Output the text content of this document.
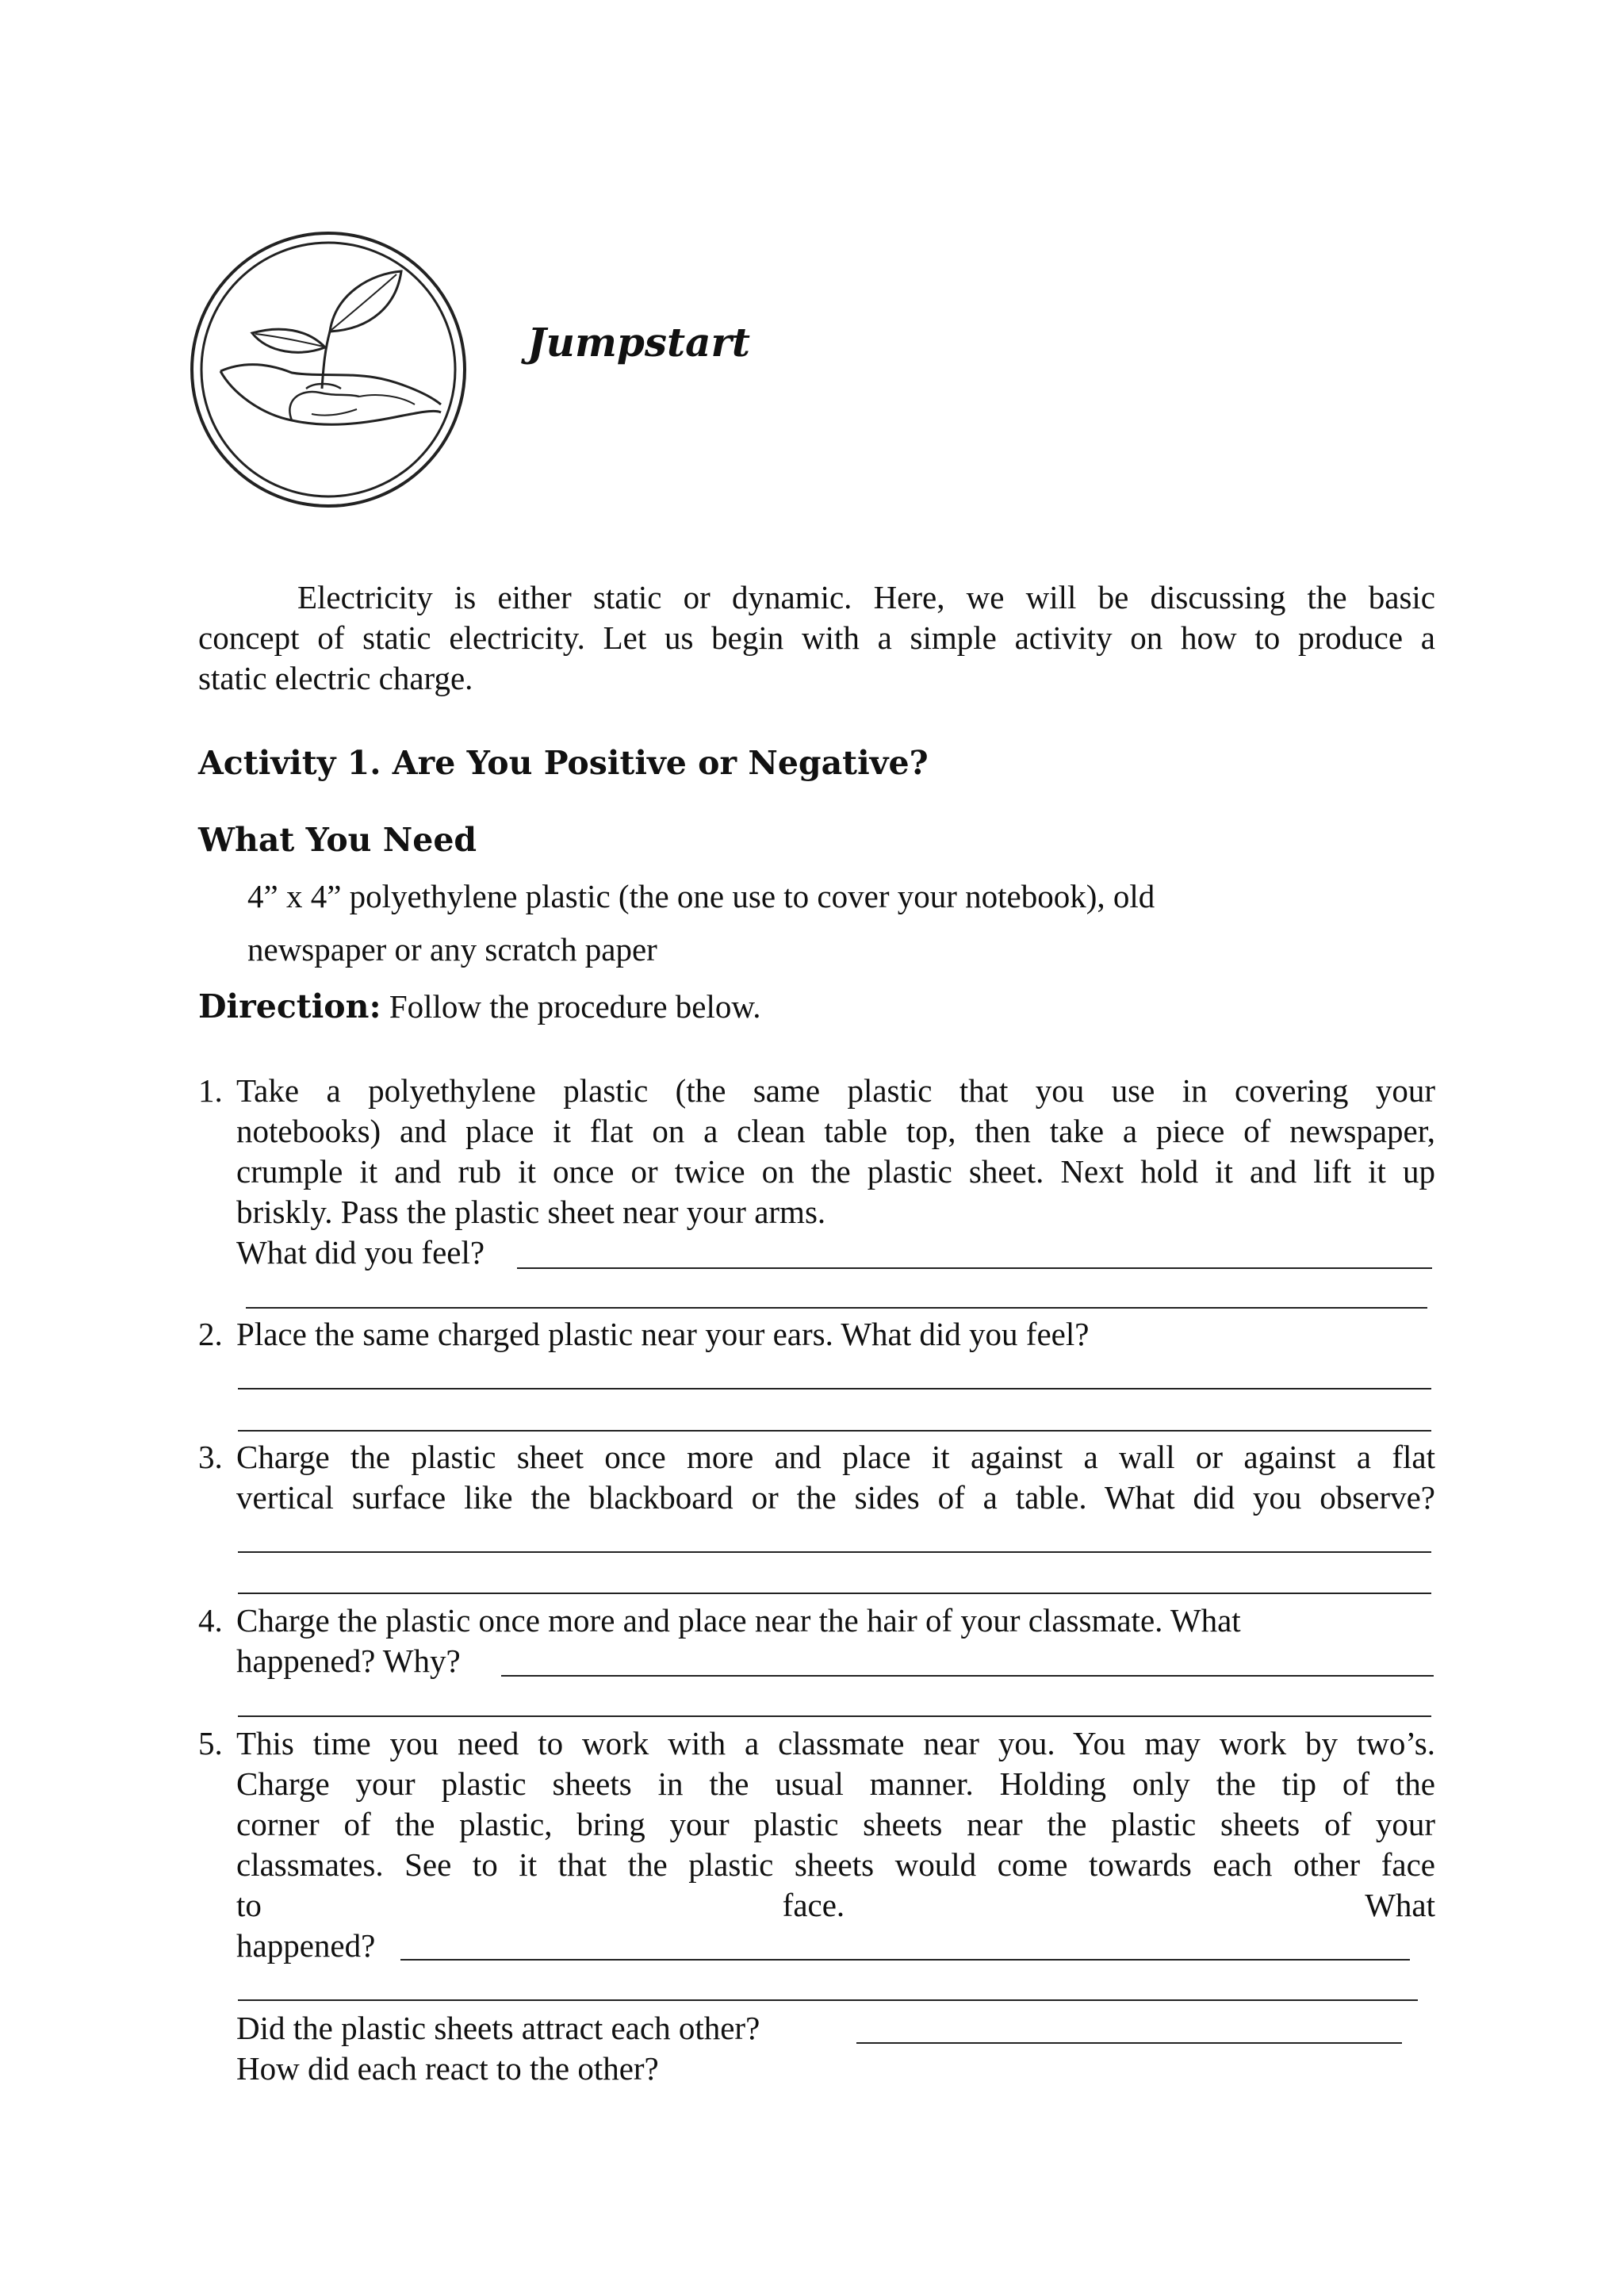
Jumpstart
Electricity is either static or dynamic. Here, we will be discussing the basic
concept of static electricity. Let us begin with a simple activity on how to produce a
static electric charge.
Activity 1. Are You Positive or Negative?
What You Need
4” x 4” polyethylene plastic (the one use to cover your notebook), old
newspaper or any scratch paper
Direction: Follow the procedure below.
1. Take a polyethylene plastic (the same plastic that you use in covering your
notebooks) and place it flat on a clean table top, then take a piece of newspaper,
crumple it and rub it once or twice on the plastic sheet. Next hold it and lift it up
briskly. Pass the plastic sheet near your arms.
What did you feel?
2. Place the same charged plastic near your ears. What did you feel?
3. Charge the plastic sheet once more and place it against a wall or against a flat
vertical surface like the blackboard or the sides of a table. What did you observe?
4. Charge the plastic once more and place near the hair of your classmate. What
happened? Why?
5. This time you need to work with a classmate near you. You may work by two’s.
Charge your plastic sheets in the usual manner. Holding only the tip of the
corner of the plastic, bring your plastic sheets near the plastic sheets of your
classmates. See to it that the plastic sheets would come towards each other face
to face. What
happened?
Did the plastic sheets attract each other?
How did each react to the other?
